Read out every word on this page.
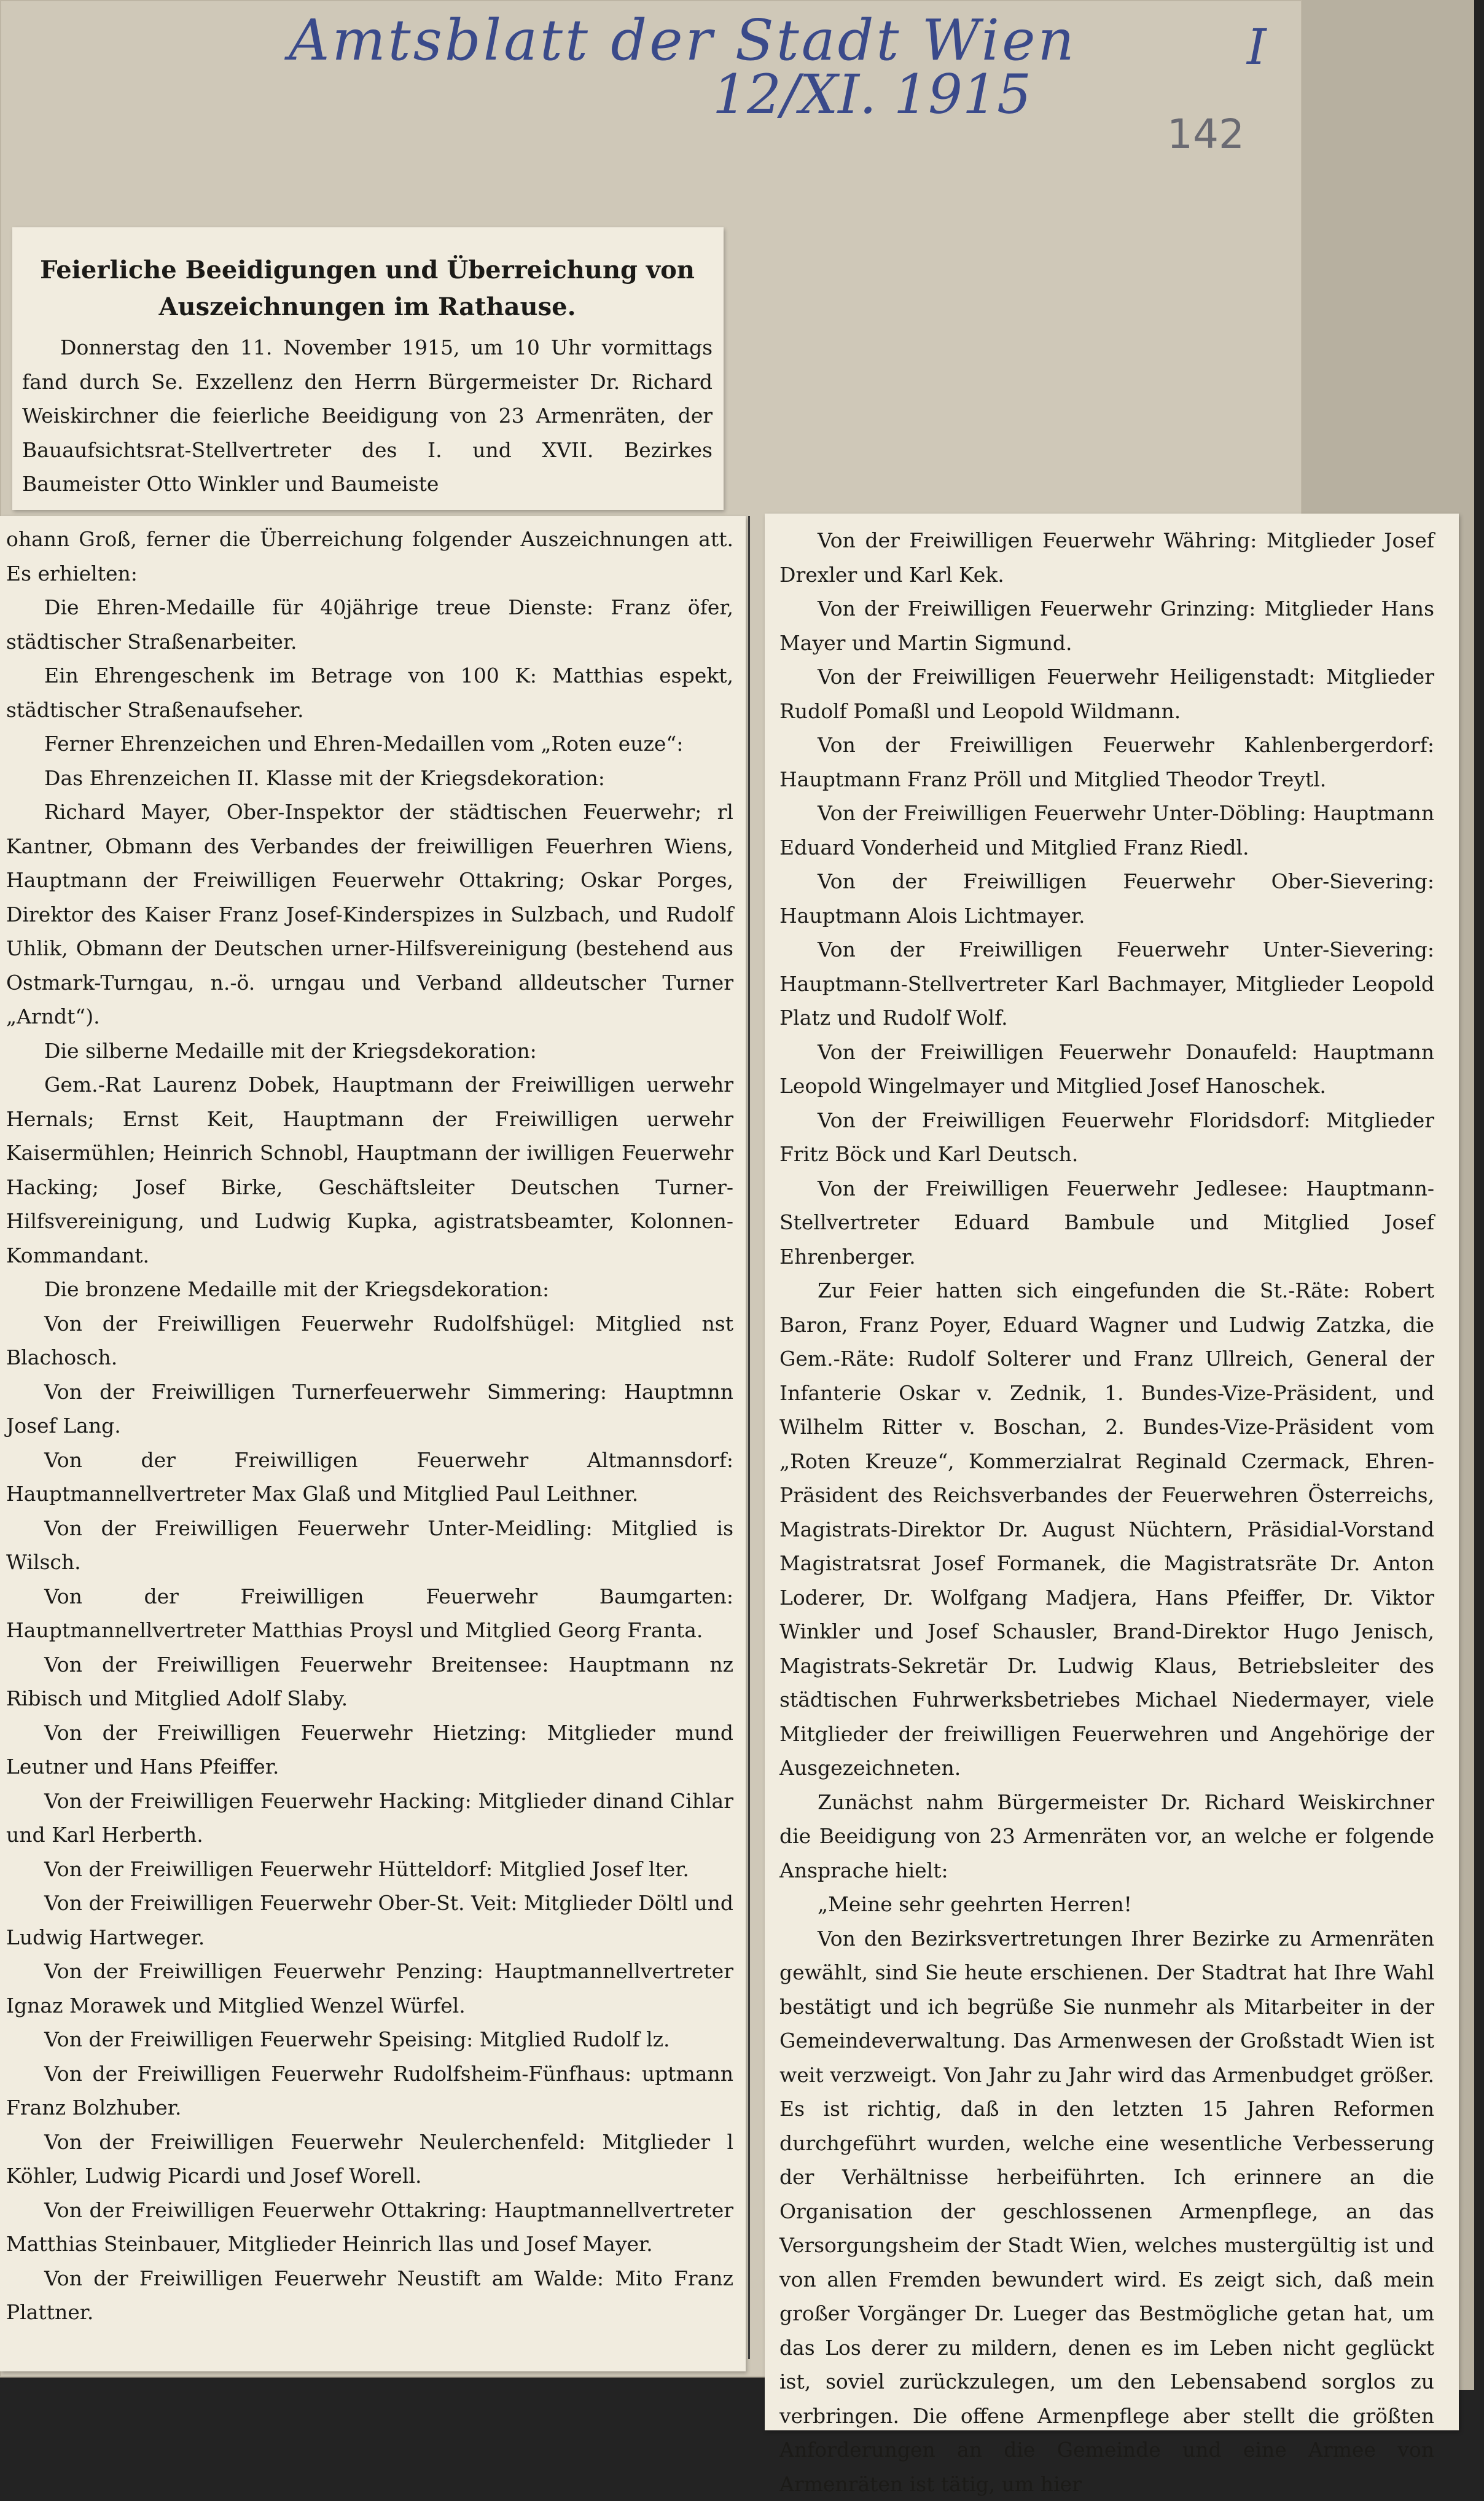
Amtsblatt der Stadt Wien
12/XI. 1915
I
142
Feierliche Beeidigungen und Überreichung von Auszeichnungen im Rathause.

Donnerstag den 11. November 1915, um 10 Uhr vormittags fand durch Se. Exzellenz den Herrn Bürgermeister Dr. Richard Weiskirchner die feierliche Beeidigung von 23 Armenräten, der Bauaufsichtsrat-Stellvertreter des I. und XVII. Bezirkes Baumeister Otto Winkler und Baumeiste

ohann Groß, ferner die Überreichung folgender Auszeichnungen att. Es erhielten:

Die Ehren-Medaille für 40jährige treue Dienste: Franz öfer, städtischer Straßenarbeiter.

Ein Ehrengeschenk im Betrage von 100 K: Matthias espekt, städtischer Straßenaufseher.

Ferner Ehrenzeichen und Ehren-Medaillen vom „Roten euze“:

Das Ehrenzeichen II. Klasse mit der Kriegsdekoration:

Richard Mayer, Ober-Inspektor der städtischen Feuerwehr; rl Kantner, Obmann des Verbandes der freiwilligen Feuerhren Wiens, Hauptmann der Freiwilligen Feuerwehr Ottakring; Oskar Porges, Direktor des Kaiser Franz Josef-Kinderspizes in Sulzbach, und Rudolf Uhlik, Obmann der Deutschen urner-Hilfsvereinigung (bestehend aus Ostmark-Turngau, n.-ö. urngau und Verband alldeutscher Turner „Arndt“).

Die silberne Medaille mit der Kriegsdekoration:

Gem.-Rat Laurenz Dobek, Hauptmann der Freiwilligen uerwehr Hernals; Ernst Keit, Hauptmann der Freiwilligen uerwehr Kaisermühlen; Heinrich Schnobl, Hauptmann der iwilligen Feuerwehr Hacking; Josef Birke, Geschäftsleiter Deutschen Turner-Hilfsvereinigung, und Ludwig Kupka, agistratsbeamter, Kolonnen-Kommandant.

Die bronzene Medaille mit der Kriegsdekoration:

Von der Freiwilligen Feuerwehr Rudolfshügel: Mitglied nst Blachosch.

Von der Freiwilligen Turnerfeuerwehr Simmering: Hauptmnn Josef Lang.

Von der Freiwilligen Feuerwehr Altmannsdorf: Hauptmannellvertreter Max Glaß und Mitglied Paul Leithner.

Von der Freiwilligen Feuerwehr Unter-Meidling: Mitglied is Wilsch.

Von der Freiwilligen Feuerwehr Baumgarten: Hauptmannellvertreter Matthias Proysl und Mitglied Georg Franta.

Von der Freiwilligen Feuerwehr Breitensee: Hauptmann nz Ribisch und Mitglied Adolf Slaby.

Von der Freiwilligen Feuerwehr Hietzing: Mitglieder mund Leutner und Hans Pfeiffer.

Von der Freiwilligen Feuerwehr Hacking: Mitglieder dinand Cihlar und Karl Herberth.

Von der Freiwilligen Feuerwehr Hütteldorf: Mitglied Josef lter.

Von der Freiwilligen Feuerwehr Ober-St. Veit: Mitglieder Döltl und Ludwig Hartweger.

Von der Freiwilligen Feuerwehr Penzing: Hauptmannellvertreter Ignaz Morawek und Mitglied Wenzel Würfel.

Von der Freiwilligen Feuerwehr Speising: Mitglied Rudolf lz.

Von der Freiwilligen Feuerwehr Rudolfsheim-Fünfhaus: uptmann Franz Bolzhuber.

Von der Freiwilligen Feuerwehr Neulerchenfeld: Mitglieder l Köhler, Ludwig Picardi und Josef Worell.

Von der Freiwilligen Feuerwehr Ottakring: Hauptmannellvertreter Matthias Steinbauer, Mitglieder Heinrich llas und Josef Mayer.

Von der Freiwilligen Feuerwehr Neustift am Walde: Mito Franz Plattner.

Von der Freiwilligen Feuerwehr Währing: Mitglieder Josef Drexler und Karl Kek.

Von der Freiwilligen Feuerwehr Grinzing: Mitglieder Hans Mayer und Martin Sigmund.

Von der Freiwilligen Feuerwehr Heiligenstadt: Mitglieder Rudolf Pomaßl und Leopold Wildmann.

Von der Freiwilligen Feuerwehr Kahlenbergerdorf: Hauptmann Franz Pröll und Mitglied Theodor Treytl.

Von der Freiwilligen Feuerwehr Unter-Döbling: Hauptmann Eduard Vonderheid und Mitglied Franz Riedl.

Von der Freiwilligen Feuerwehr Ober-Sievering: Hauptmann Alois Lichtmayer.

Von der Freiwilligen Feuerwehr Unter-Sievering: Hauptmann-Stellvertreter Karl Bachmayer, Mitglieder Leopold Platz und Rudolf Wolf.

Von der Freiwilligen Feuerwehr Donaufeld: Hauptmann Leopold Wingelmayer und Mitglied Josef Hanoschek.

Von der Freiwilligen Feuerwehr Floridsdorf: Mitglieder Fritz Böck und Karl Deutsch.

Von der Freiwilligen Feuerwehr Jedlesee: Hauptmann-Stellvertreter Eduard Bambule und Mitglied Josef Ehrenberger.

Zur Feier hatten sich eingefunden die St.-Räte: Robert Baron, Franz Poyer, Eduard Wagner und Ludwig Zatzka, die Gem.-Räte: Rudolf Solterer und Franz Ullreich, General der Infanterie Oskar v. Zednik, 1. Bundes-Vize-Präsident, und Wilhelm Ritter v. Boschan, 2. Bundes-Vize-Präsident vom „Roten Kreuze“, Kommerzialrat Reginald Czermack, Ehren-Präsident des Reichsverbandes der Feuerwehren Österreichs, Magistrats-Direktor Dr. August Nüchtern, Präsidial-Vorstand Magistratsrat Josef Formanek, die Magistratsräte Dr. Anton Loderer, Dr. Wolfgang Madjera, Hans Pfeiffer, Dr. Viktor Winkler und Josef Schausler, Brand-Direktor Hugo Jenisch, Magistrats-Sekretär Dr. Ludwig Klaus, Betriebsleiter des städtischen Fuhrwerksbetriebes Michael Niedermayer, viele Mitglieder der freiwilligen Feuerwehren und Angehörige der Ausgezeichneten.

Zunächst nahm Bürgermeister Dr. Richard Weiskirchner die Beeidigung von 23 Armenräten vor, an welche er folgende Ansprache hielt:

„Meine sehr geehrten Herren!

Von den Bezirksvertretungen Ihrer Bezirke zu Armenräten gewählt, sind Sie heute erschienen. Der Stadtrat hat Ihre Wahl bestätigt und ich begrüße Sie nunmehr als Mitarbeiter in der Gemeindeverwaltung. Das Armenwesen der Großstadt Wien ist weit verzweigt. Von Jahr zu Jahr wird das Armenbudget größer. Es ist richtig, daß in den letzten 15 Jahren Reformen durchgeführt wurden, welche eine wesentliche Verbesserung der Verhältnisse herbeiführten. Ich erinnere an die Organisation der geschlossenen Armenpflege, an das Versorgungsheim der Stadt Wien, welches mustergültig ist und von allen Fremden bewundert wird. Es zeigt sich, daß mein großer Vorgänger Dr. Lueger das Bestmögliche getan hat, um das Los derer zu mildern, denen es im Leben nicht geglückt ist, soviel zurückzulegen, um den Lebensabend sorglos zu verbringen. Die offene Armenpflege aber stellt die größten Anforderungen an die Gemeinde und eine Armee von Armenräten ist tätig, um hier
